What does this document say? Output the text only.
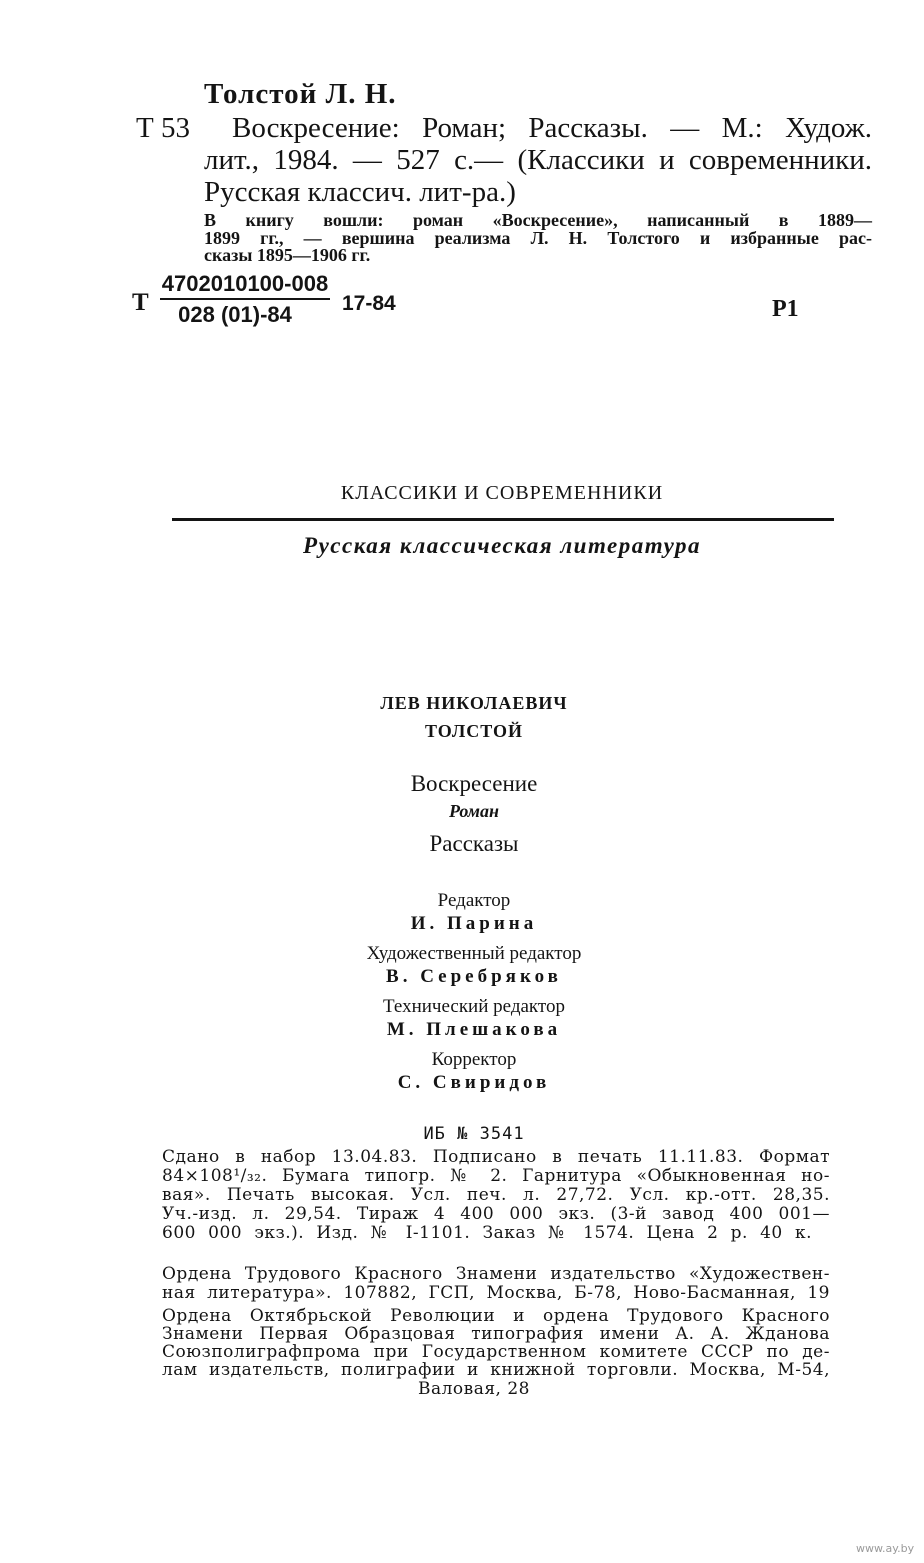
Толстой Л. Н.
Т 53 Воскресение: Роман; Рассказы. — М.: Худож.
лит., 1984. — 527 с.— (Классики и современники.
Русская классич. лит-ра.)
В книгу вошли: роман «Воскресение», написанный в 1889—
1899 гг., — вершина реализма Л. Н. Толстого и избранные рас-
сказы 1895—1906 гг.
Т
4702010100-008
028 (01)-84	17-84	Р1
КЛАССИКИ И СОВРЕМЕННИКИ
Русская классическая литература
ЛЕВ НИКОЛАЕВИЧ
ТОЛСТОЙ
Воскресение
Роман
Рассказы
Редактор
И. Парина
Художественный редактор
В. Серебряков
Технический редактор
М. Плешакова
Корректор
С. Свиридов
ИБ № 3541
Сдано в набор 13.04.83. Подписано в печать 11.11.83. Формат
84×108¹/₃₂. Бумага типогр. № 2. Гарнитура «Обыкновенная но-
вая». Печать высокая. Усл. печ. л. 27,72. Усл. кр.-отт. 28,35.
Уч.-изд. л. 29,54. Тираж 4 400 000 экз. (3-й завод 400 001—
600 000 экз.). Изд. № I-1101. Заказ № 1574. Цена 2 р. 40 к.
Ордена Трудового Красного Знамени издательство «Художествен-
ная литература». 107882, ГСП, Москва, Б-78, Ново-Басманная, 19
Ордена Октябрьской Революции и ордена Трудового Красного
Знамени Первая Образцовая типография имени А. А. Жданова
Союзполиграфпрома при Государственном комитете СССР по де-
лам издательств, полиграфии и книжной торговли. Москва, М-54,
Валовая, 28
www.ay.by
